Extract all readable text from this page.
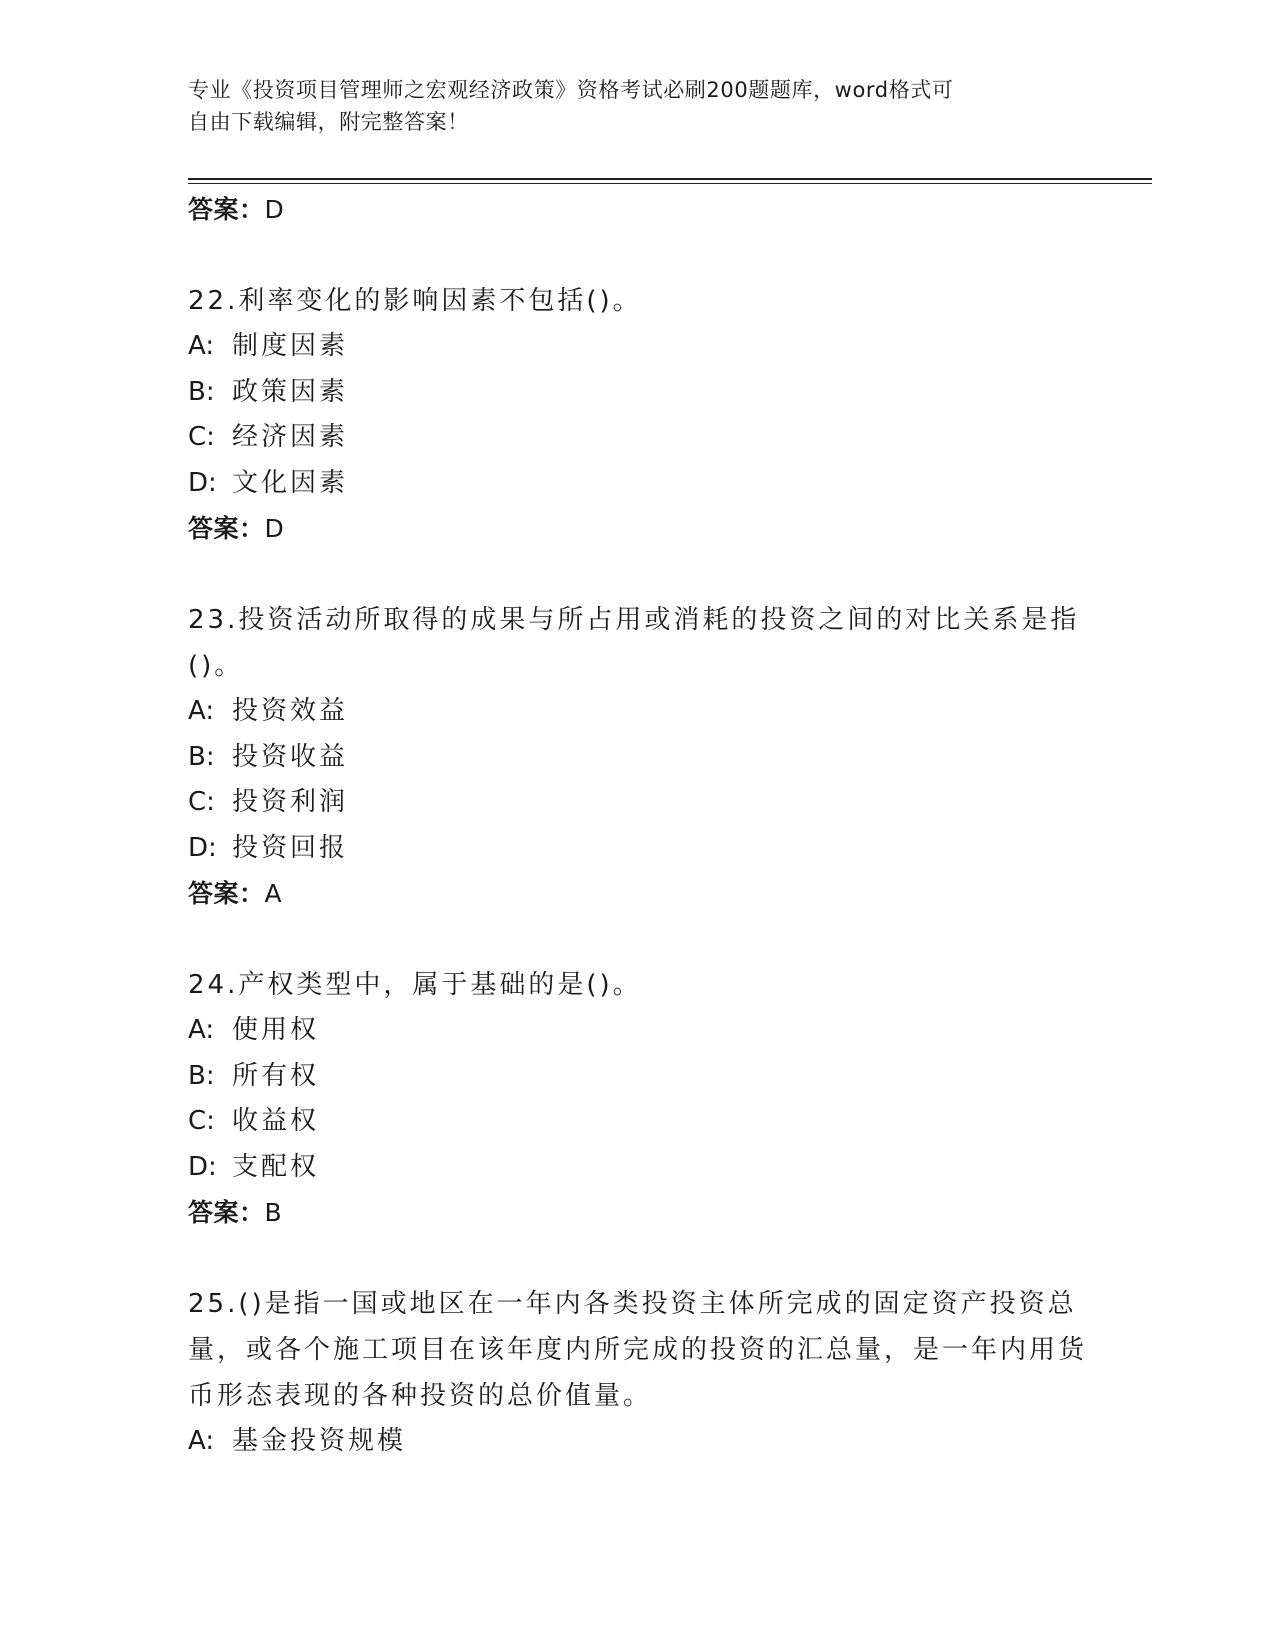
专业《投资项目管理师之宏观经济政策》资格考试必刷200题题库，word格式可
自由下载编辑，附完整答案！
答案：D
22.利率变化的影响因素不包括()。
A: 制度因素
B: 政策因素
C: 经济因素
D: 文化因素
答案：D
23.投资活动所取得的成果与所占用或消耗的投资之间的对比关系是指()。
A: 投资效益
B: 投资收益
C: 投资利润
D: 投资回报
答案：A
24.产权类型中，属于基础的是()。
A: 使用权
B: 所有权
C: 收益权
D: 支配权
答案：B
25.()是指一国或地区在一年内各类投资主体所完成的固定资产投资总量，或各个施工项目在该年度内所完成的投资的汇总量，是一年内用货币形态表现的各种投资的总价值量。
A: 基金投资规模
